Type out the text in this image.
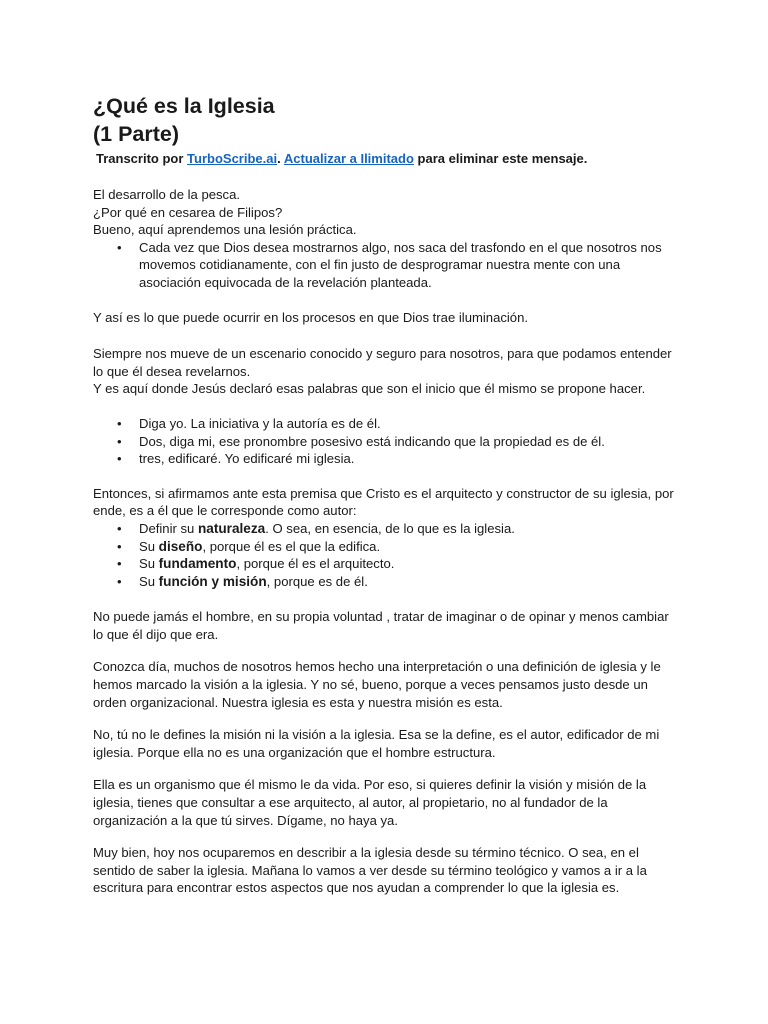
¿Qué es la Iglesia
(1 Parte)
Transcrito por TurboScribe.ai. Actualizar a Ilimitado para eliminar este mensaje.

El desarrollo de la pesca.

¿Por qué en cesarea de Filipos?

Bueno, aquí aprendemos una lesión práctica.

• Cada vez que Dios desea mostrarnos algo, nos saca del trasfondo en el que nosotros nos movemos cotidianamente, con el fin justo de desprogramar nuestra mente con una asociación equivocada de la revelación planteada.

Y así es lo que puede ocurrir en los procesos en que Dios trae iluminación.

Siempre nos mueve de un escenario conocido y seguro para nosotros, para que podamos entender lo que él desea revelarnos.

Y es aquí donde Jesús declaró esas palabras que son el inicio que él mismo se propone hacer.

• Diga yo. La iniciativa y la autoría es de él.
• Dos, diga mi, ese pronombre posesivo está indicando que la propiedad es de él.
• tres, edificaré. Yo edificaré mi iglesia.

Entonces, si afirmamos ante esta premisa que Cristo es el arquitecto y constructor de su iglesia, por ende, es a él que le corresponde como autor:

• Definir su naturaleza. O sea, en esencia, de lo que es la iglesia.
• Su diseño, porque él es el que la edifica.
• Su fundamento, porque él es el arquitecto.
• Su función y misión, porque es de él.

No puede jamás el hombre, en su propia voluntad , tratar de imaginar o de opinar y menos cambiar lo que él dijo que era.

Conozca día, muchos de nosotros hemos hecho una interpretación o una definición de iglesia y le hemos marcado la visión a la iglesia. Y no sé, bueno, porque a veces pensamos justo desde un orden organizacional. Nuestra iglesia es esta y nuestra misión es esta.

No, tú no le defines la misión ni la visión a la iglesia. Esa se la define, es el autor, edificador de mi iglesia. Porque ella no es una organización que el hombre estructura.

Ella es un organismo que él mismo le da vida. Por eso, si quieres definir la visión y misión de la iglesia, tienes que consultar a ese arquitecto, al autor, al propietario, no al fundador de la organización a la que tú sirves. Dígame, no haya ya.

Muy bien, hoy nos ocuparemos en describir a la iglesia desde su término técnico. O sea, en el sentido de saber la iglesia. Mañana lo vamos a ver desde su término teológico y vamos a ir a la escritura para encontrar estos aspectos que nos ayudan a comprender lo que la iglesia es.
